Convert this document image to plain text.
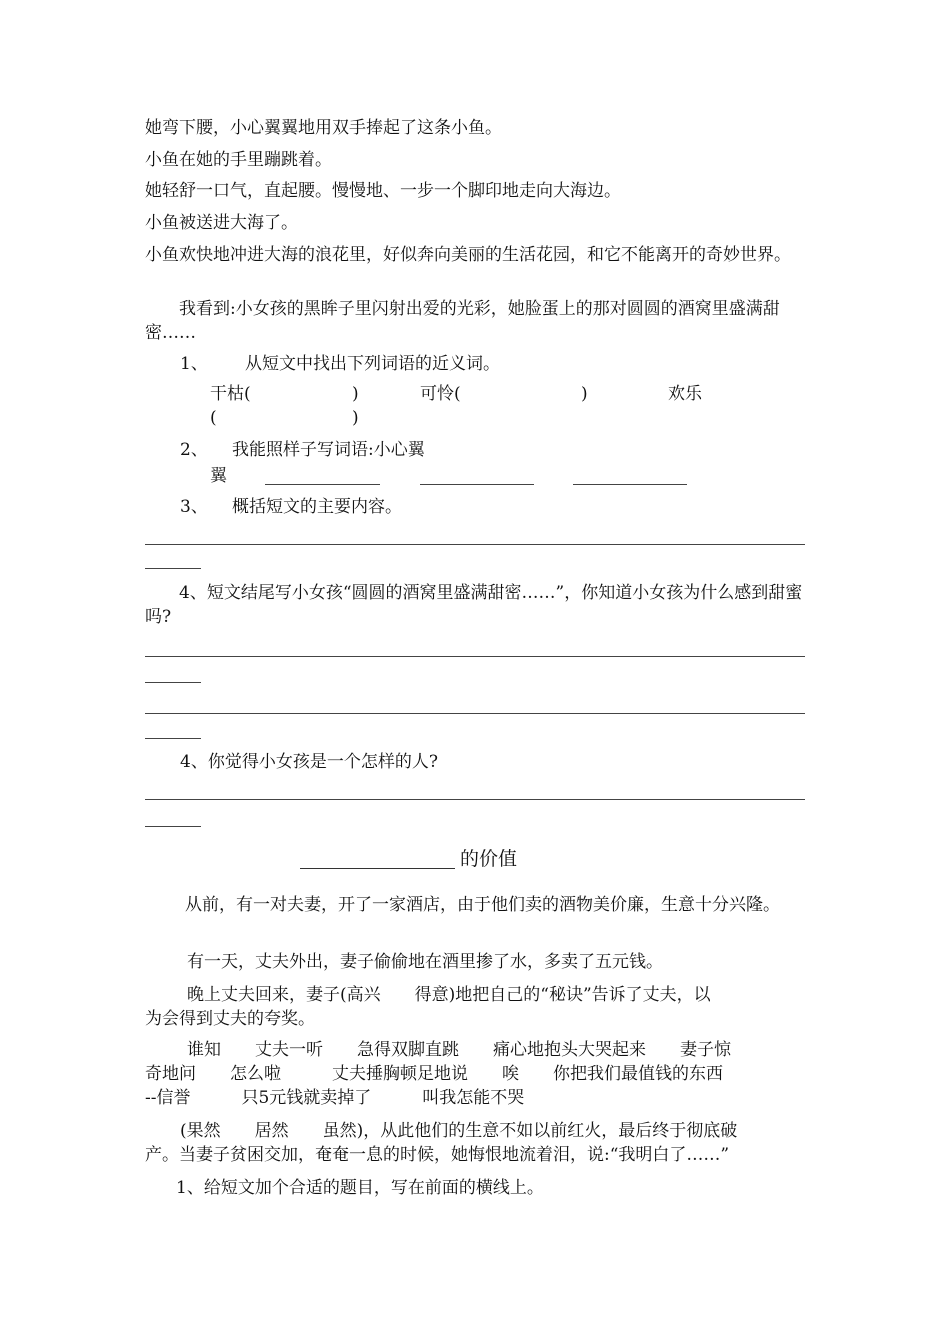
她弯下腰，小心翼翼地用双手捧起了这条小鱼。
小鱼在她的手里蹦跳着。
她轻舒一口气，直起腰。慢慢地、一步一个脚印地走向大海边。
小鱼被送进大海了。
小鱼欢快地冲进大海的浪花里，好似奔向美丽的生活花园，和它不能离开的奇妙世界。
我看到:小女孩的黑眸子里闪射出爱的光彩，她脸蛋上的那对圆圆的酒窝里盛满甜密……
1、 从短文中找出下列词语的近义词。
干枯(	)	可怜(	)	欢乐
(	)
2、 我能照样子写词语:小心翼
翼
3、 概括短文的主要内容。
4、短文结尾写小女孩“圆圆的酒窝里盛满甜密……”，你知道小女孩为什么感到甜蜜吗?
4、你觉得小女孩是一个怎样的人?
的价值
从前，有一对夫妻，开了一家酒店，由于他们卖的酒物美价廉，生意十分兴隆。
有一天，丈夫外出，妻子偷偷地在酒里掺了水，多卖了五元钱。
晚上丈夫回来，妻子(高兴　　得意)地把自己的“秘诀”告诉了丈夫，以
为会得到丈夫的夸奖。
谁知　　丈夫一听　　急得双脚直跳　　痛心地抱头大哭起来　　妻子惊
奇地问　　怎么啦　　　丈夫捶胸顿足地说　　唉　　你把我们最值钱的东西
--信誉　　　只5元钱就卖掉了　　　叫我怎能不哭
(果然　　居然　　虽然)，从此他们的生意不如以前红火，最后终于彻底破
产。当妻子贫困交加，奄奄一息的时候，她悔恨地流着泪，说:“我明白了……”
1、给短文加个合适的题目，写在前面的横线上。
